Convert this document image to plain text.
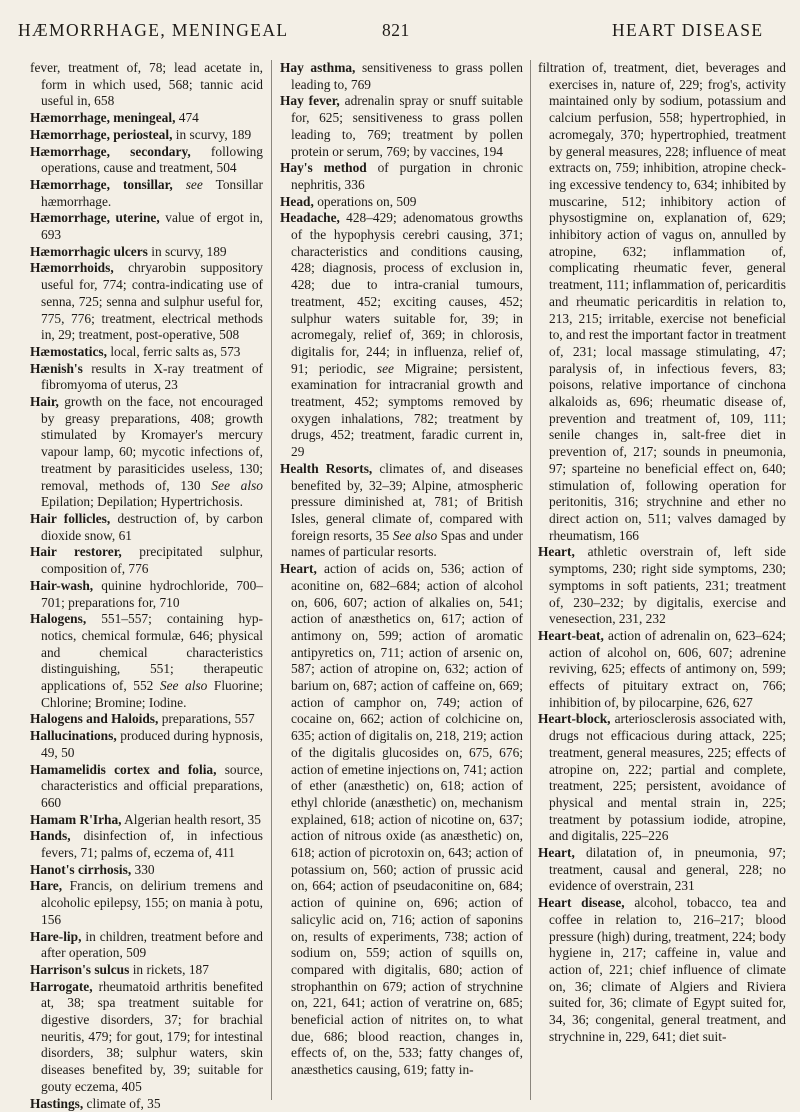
HÆMORRHAGE, MENINGEAL	821	HEART DISEASE

fever, treatment of, 78; lead acetate in, form in which used, 568; tannic acid useful in, 658

Hæmorrhage, meningeal, 474

Hæmorrhage, periosteal, in scurvy, 189

Hæmorrhage, secondary, following operations, cause and treatment, 504

Hæmorrhage, tonsillar, see Tonsillar hæmorrhage.

Hæmorrhage, uterine, value of ergot in, 693

Hæmorrhagic ulcers in scurvy, 189

Hæmorrhoids, chryarobin suppository useful for, 774; contra-indicating use of senna, 725; senna and sulphur useful for, 775, 776; treatment, electrical methods in, 29; treatment, post-operative, 508

Hæmostatics, local, ferric salts as, 573

Hænish's results in X-ray treatment of fibromyoma of uterus, 23

Hair, growth on the face, not encouraged by greasy preparations, 408; growth stimulated by Kromayer's mercury vapour lamp, 60; mycotic infections of, treatment by parasiticides useless, 130; removal, methods of, 130 See also Epilation; Depilation; Hypertrichosis.

Hair follicles, destruction of, by carbon dioxide snow, 61

Hair restorer, precipitated sulphur, composition of, 776

Hair-wash, quinine hydrochloride, 700–701; preparations for, 710

Halogens, 551–557; containing hyp-notics, chemical formulæ, 646; physical and chemical characteristics distinguishing, 551; therapeutic applications of, 552 See also Fluorine; Chlorine; Bromine; Iodine.

Halogens and Haloids, preparations, 557

Hallucinations, produced during hypnosis, 49, 50

Hamamelidis cortex and folia, source, characteristics and official preparations, 660

Hamam R'Irha, Algerian health resort, 35

Hands, disinfection of, in infectious fevers, 71; palms of, eczema of, 411

Hanot's cirrhosis, 330

Hare, Francis, on delirium tremens and alcoholic epilepsy, 155; on mania à potu, 156

Hare-lip, in children, treatment before and after operation, 509

Harrison's sulcus in rickets, 187

Harrogate, rheumatoid arthritis benefited at, 38; spa treatment suitable for digestive disorders, 37; for brachial neuritis, 479; for gout, 179; for intestinal disorders, 38; sulphur waters, skin diseases benefited by, 39; suitable for gouty eczema, 405

Hastings, climate of, 35

Hay asthma, sensitiveness to grass pollen leading to, 769

Hay fever, adrenalin spray or snuff suitable for, 625; sensitiveness to grass pollen leading to, 769; treatment by pollen protein or serum, 769; by vaccines, 194

Hay's method of purgation in chronic nephritis, 336

Head, operations on, 509

Headache, 428–429; adenomatous growths of the hypophysis cerebri causing, 371; characteristics and conditions causing, 428; diagnosis, process of exclusion in, 428; due to intra-cranial tumours, treatment, 452; exciting causes, 452; sulphur waters suitable for, 39; in acromegaly, relief of, 369; in chlorosis, digitalis for, 244; in influenza, relief of, 91; periodic, see Migraine; persistent, examination for intracranial growth and treatment, 452; symptoms removed by oxygen inhalations, 782; treatment by drugs, 452; treatment, faradic current in, 29

Health Resorts, climates of, and diseases benefited by, 32–39; Alpine, atmospheric pressure diminished at, 781; of British Isles, general climate of, compared with foreign resorts, 35 See also Spas and under names of particular resorts.

Heart, action of acids on, 536; action of aconitine on, 682–684; action of alcohol on, 606, 607; action of alkalies on, 541; action of anæsthetics on, 617; action of antimony on, 599; action of aromatic antipyretics on, 711; action of arsenic on, 587; action of atropine on, 632; action of barium on, 687; action of caffeine on, 669; action of camphor on, 749; action of cocaine on, 662; action of colchicine on, 635; action of digitalis on, 218, 219; action of the digitalis glucosides on, 675, 676; action of emetine injections on, 741; action of ether (anæsthetic) on, 618; action of ethyl chloride (anæsthetic) on, mechanism explained, 618; action of nicotine on, 637; action of nitrous oxide (as anæsthetic) on, 618; action of picrotoxin on, 643; action of potassium on, 560; action of prussic acid on, 664; action of pseudaconitine on, 684; action of quinine on, 696; action of salicylic acid on, 716; action of saponins on, results of experiments, 738; action of sodium on, 559; action of squills on, compared with digitalis, 680; action of strophanthin on 679; action of strychnine on, 221, 641; action of veratrine on, 685; beneficial action of nitrites on, to what due, 686; blood reaction, changes in, effects of, on the, 533; fatty changes of, anæsthetics causing, 619; fatty in-

filtration of, treatment, diet, beverages and exercises in, nature of, 229; frog's, activity maintained only by sodium, potassium and calcium perfusion, 558; hypertrophied, in acromegaly, 370; hypertrophied, treatment by general measures, 228; influence of meat extracts on, 759; inhibition, atropine check-ing excessive tendency to, 634; inhibited by muscarine, 512; inhibitory action of physostigmine on, explanation of, 629; inhibitory action of vagus on, annulled by atropine, 632; inflammation of, complicating rheumatic fever, general treatment, 111; inflammation of, pericarditis and rheumatic pericarditis in relation to, 213, 215; irritable, exercise not beneficial to, and rest the important factor in treatment of, 231; local massage stimulating, 47; paralysis of, in infectious fevers, 83; poisons, relative importance of cinchona alkaloids as, 696; rheumatic disease of, prevention and treatment of, 109, 111; senile changes in, salt-free diet in prevention of, 217; sounds in pneumonia, 97; sparteine no beneficial effect on, 640; stimulation of, following operation for peritonitis, 316; strychnine and ether no direct action on, 511; valves damaged by rheumatism, 166

Heart, athletic overstrain of, left side symptoms, 230; right side symptoms, 230; symptoms in soft patients, 231; treatment of, 230–232; by digitalis, exercise and venesection, 231, 232

Heart-beat, action of adrenalin on, 623–624; action of alcohol on, 606, 607; adrenine reviving, 625; effects of antimony on, 599; effects of pituitary extract on, 766; inhibition of, by pilocarpine, 626, 627

Heart-block, arteriosclerosis associated with, drugs not efficacious during attack, 225; treatment, general measures, 225; effects of atropine on, 222; partial and complete, treatment, 225; persistent, avoidance of physical and mental strain in, 225; treatment by potassium iodide, atropine, and digitalis, 225–226

Heart, dilatation of, in pneumonia, 97; treatment, causal and general, 228; no evidence of overstrain, 231

Heart disease, alcohol, tobacco, tea and coffee in relation to, 216–217; blood pressure (high) during, treatment, 224; body hygiene in, 217; caffeine in, value and action of, 221; chief influence of climate on, 36; climate of Algiers and Riviera suited for, 36; climate of Egypt suited for, 34, 36; congenital, general treatment, and strychnine in, 229, 641; diet suit-
